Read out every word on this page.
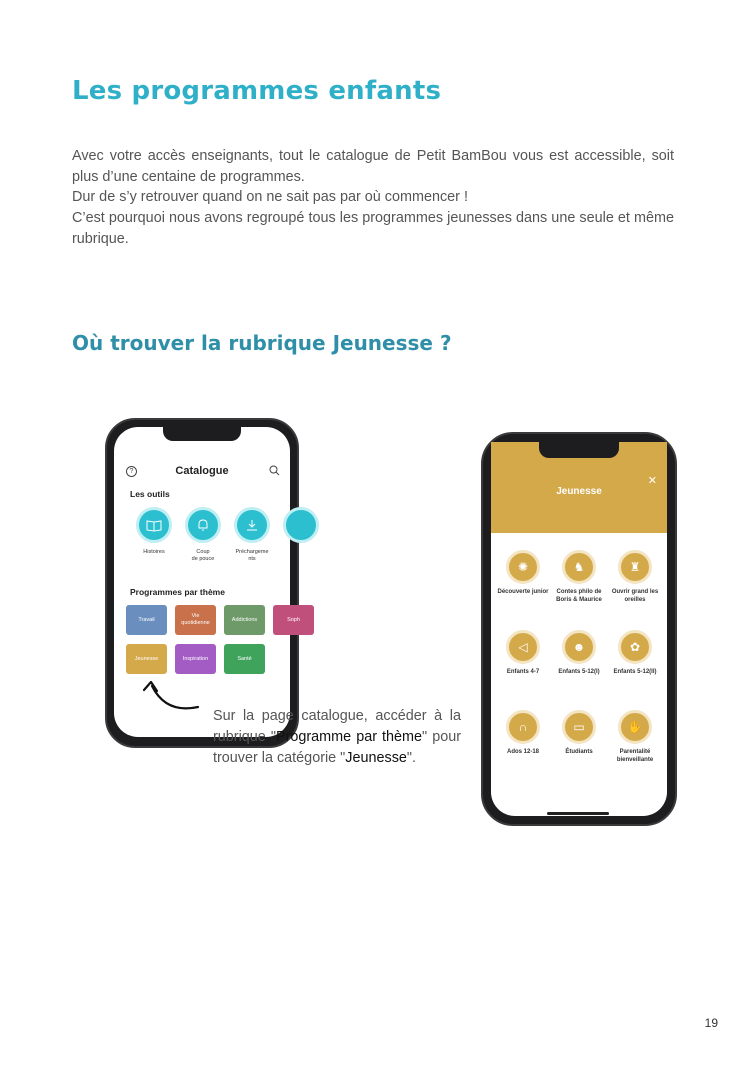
Les programmes enfants

Avec votre accès enseignants, tout le catalogue de Petit BamBou vous est accessible, soit plus d’une centaine de programmes.

Dur de s’y retrouver quand on ne sait pas par où commencer !

C’est pourquoi nous avons regroupé tous les programmes jeunesses dans une seule et même rubrique.

Où trouver la rubrique Jeunesse ?
?	Catalogue
Les outils
Histoires	Coup
de pouce
Préchargeme
nts
Programmes par thème
Travail
Vie
quotidienne
Addictions	Soph
Jeunesse	Inspiration	Santé

Sur la page catalogue, accéder à la rubrique "Programme par thème" pour trouver la catégorie "Jeunesse".

Jeunesse
✕
✺
Découverte junior
♞
Contes philo de Boris & Maurice
♜
Ouvrir grand les oreilles
◁
Enfants 4-7
☻
Enfants 5-12(I)
✿
Enfants 5-12(II)
∩
Ados 12-18
▭
Étudiants
✋
Parentalité bienveillante
19
